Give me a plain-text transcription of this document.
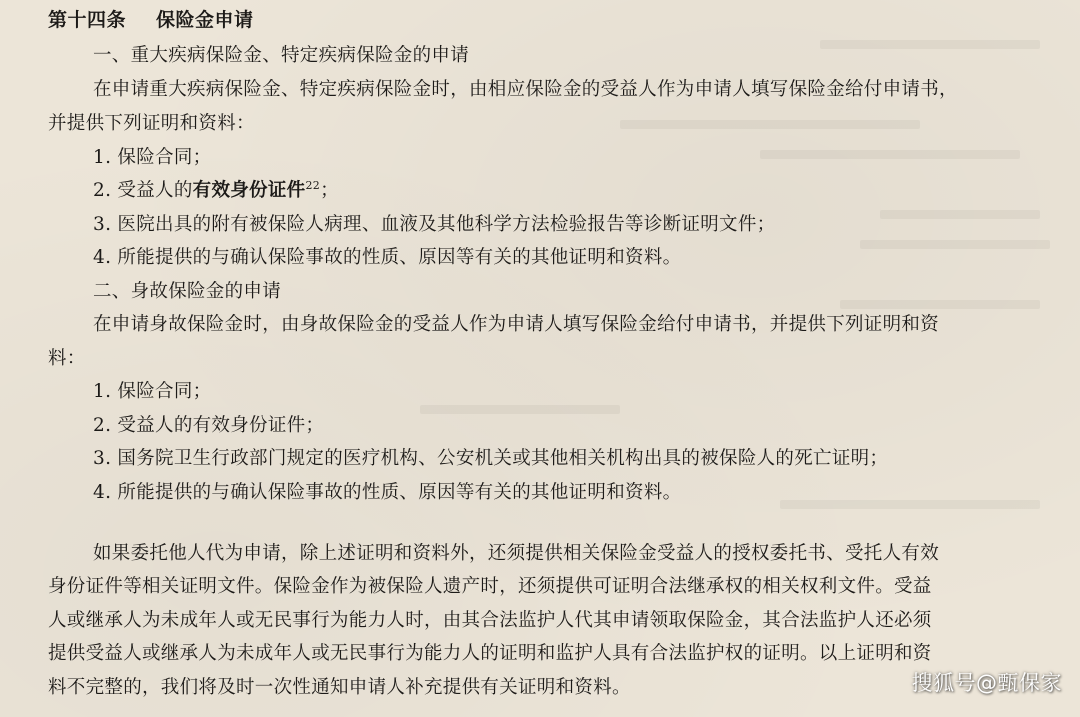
第十四条 保险金申请
一、重大疾病保险金、特定疾病保险金的申请
在申请重大疾病保险金、特定疾病保险金时，由相应保险金的受益人作为申请人填写保险金给付申请书，
并提供下列证明和资料：
1. 保险合同；
2. 受益人的有效身份证件$^{22}$；
3. 医院出具的附有被保险人病理、血液及其他科学方法检验报告等诊断证明文件；
4. 所能提供的与确认保险事故的性质、原因等有关的其他证明和资料。
二、身故保险金的申请
在申请身故保险金时，由身故保险金的受益人作为申请人填写保险金给付申请书，并提供下列证明和资
料：
1. 保险合同；
2. 受益人的有效身份证件；
3. 国务院卫生行政部门规定的医疗机构、公安机关或其他相关机构出具的被保险人的死亡证明；
4. 所能提供的与确认保险事故的性质、原因等有关的其他证明和资料。
如果委托他人代为申请，除上述证明和资料外，还须提供相关保险金受益人的授权委托书、受托人有效
身份证件等相关证明文件。保险金作为被保险人遗产时，还须提供可证明合法继承权的相关权利文件。受益
人或继承人为未成年人或无民事行为能力人时，由其合法监护人代其申请领取保险金，其合法监护人还必须
提供受益人或继承人为未成年人或无民事行为能力人的证明和监护人具有合法监护权的证明。以上证明和资
料不完整的，我们将及时一次性通知申请人补充提供有关证明和资料。	搜狐号@甄保家
